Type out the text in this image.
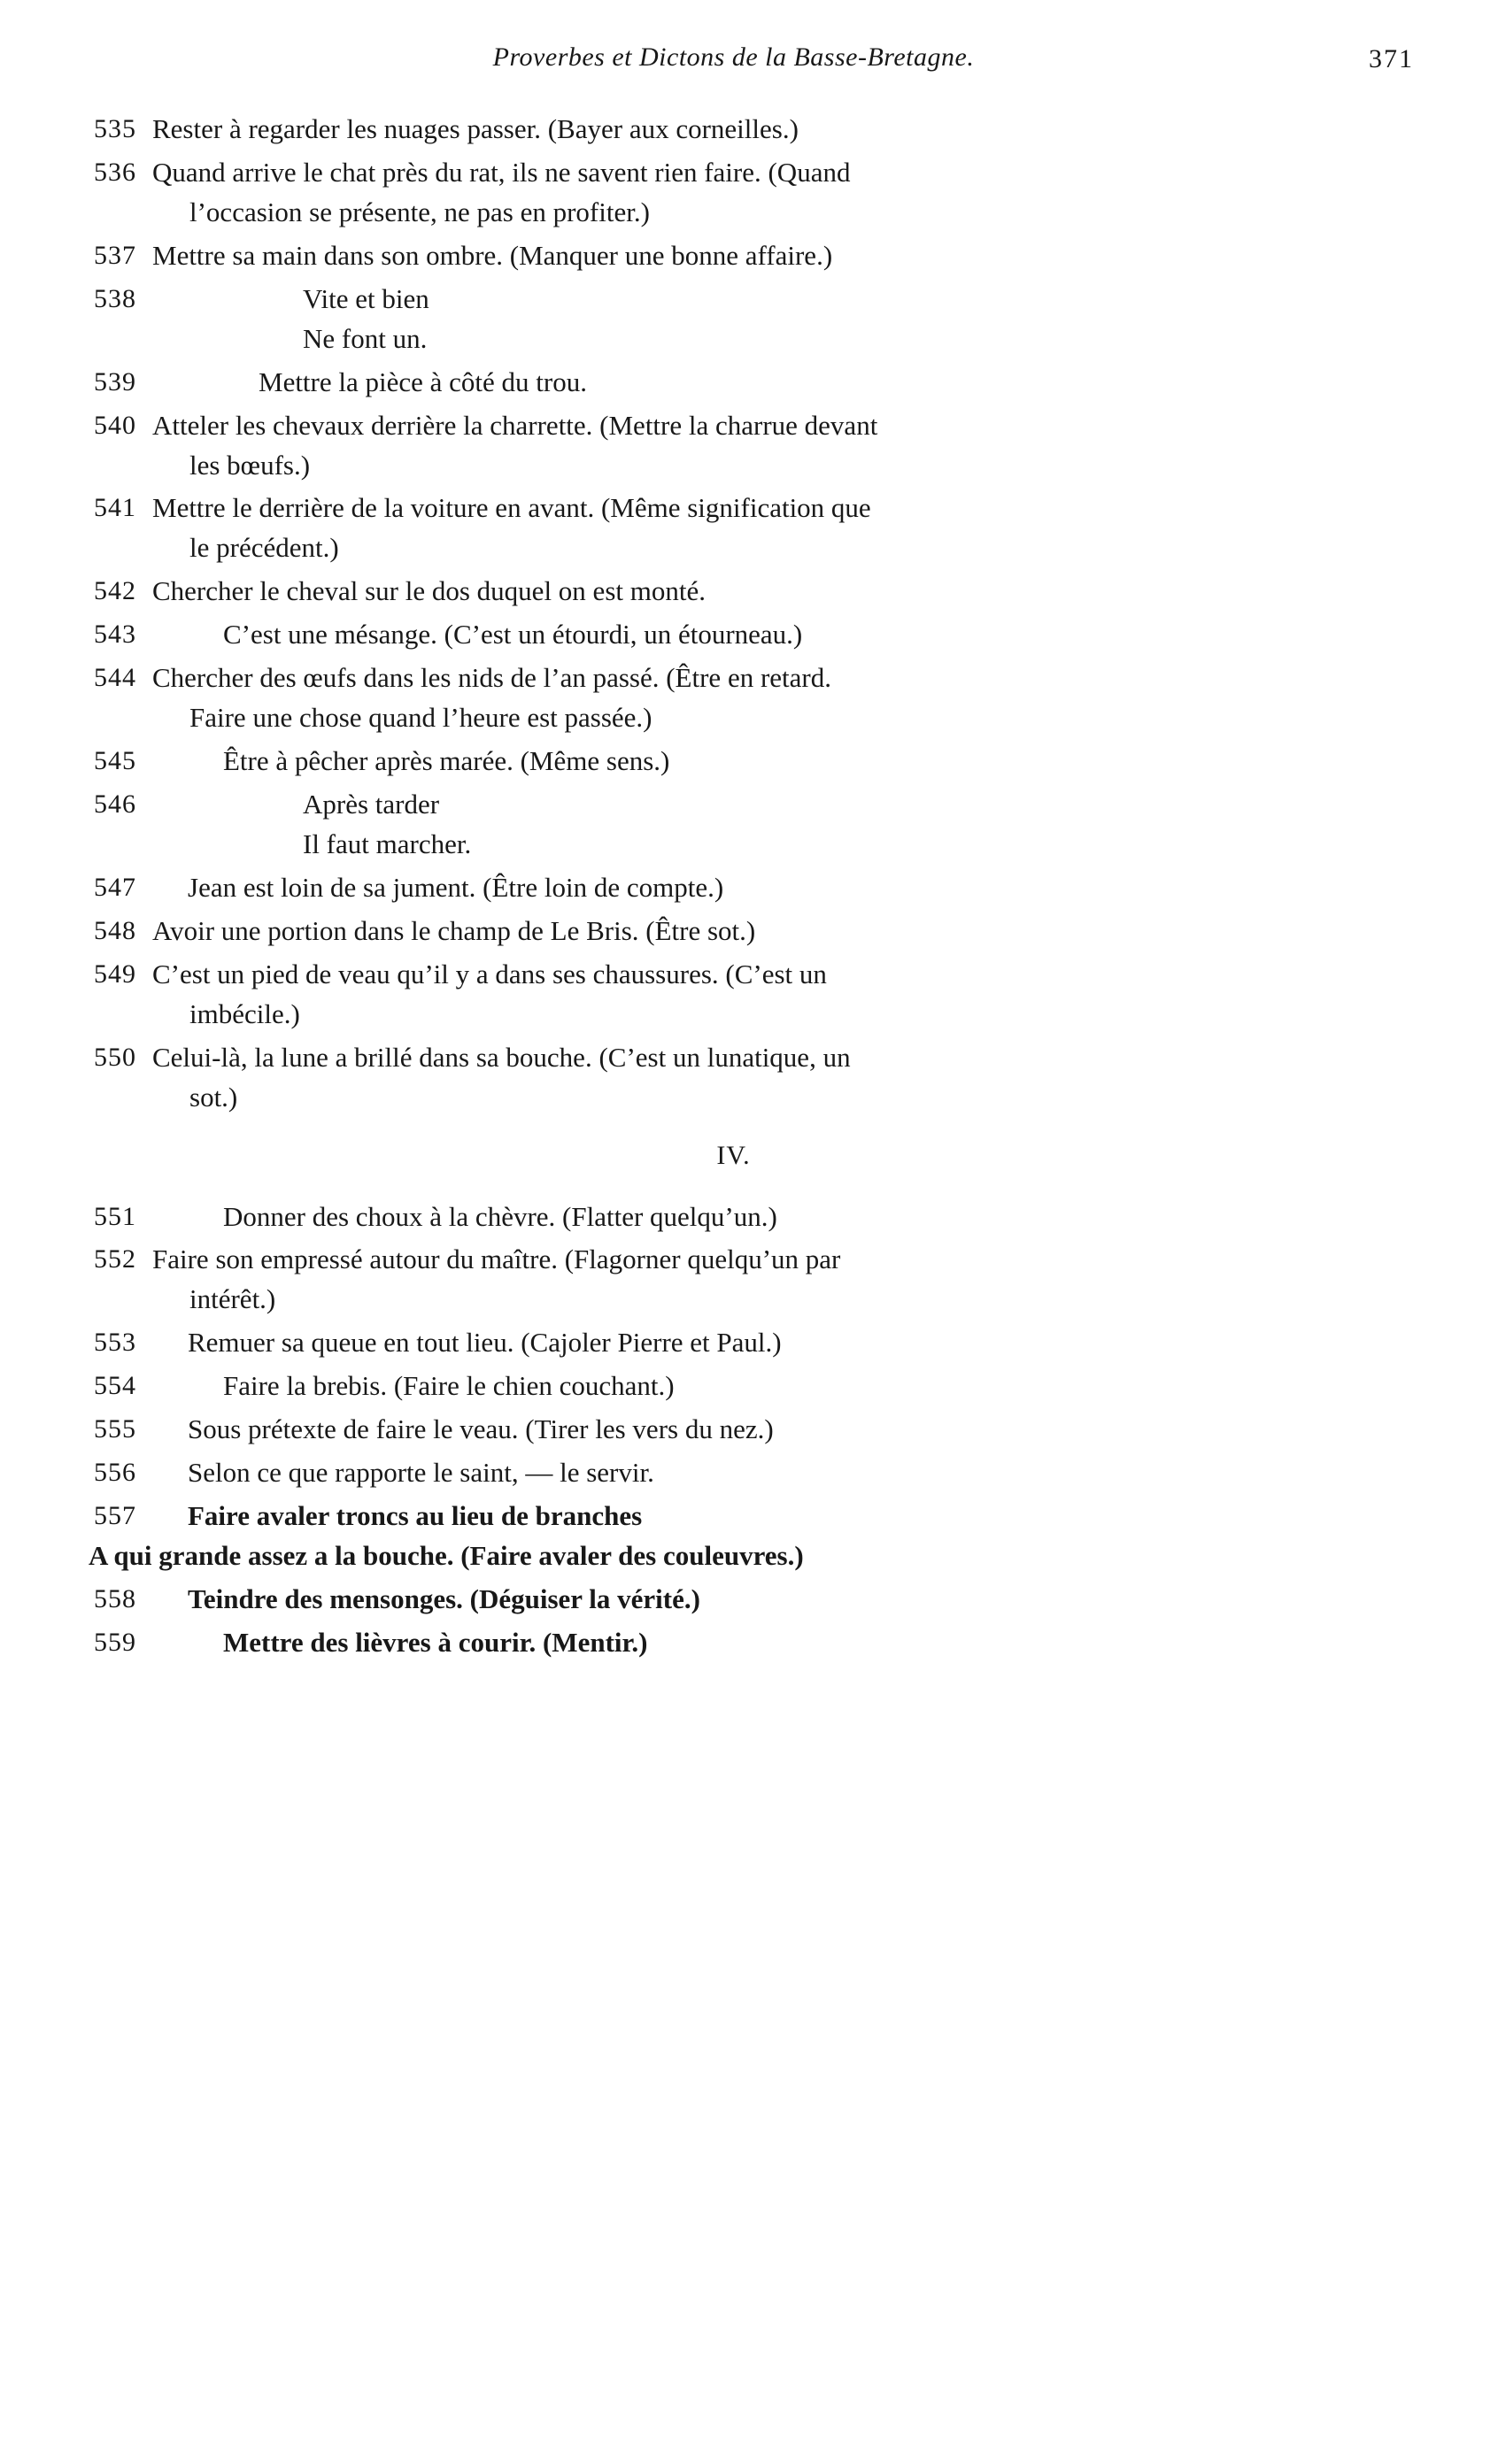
Proverbes et Dictons de la Basse-Bretagne.	371
535 Rester à regarder les nuages passer. (Bayer aux corneilles.)
536 Quand arrive le chat près du rat, ils ne savent rien faire. (Quand
l’occasion se présente, ne pas en profiter.)
537 Mettre sa main dans son ombre. (Manquer une bonne affaire.)
538	Vite et bien
Ne font un.
539	Mettre la pièce à côté du trou.
540 Atteler les chevaux derrière la charrette. (Mettre la charrue devant
les bœufs.)
541 Mettre le derrière de la voiture en avant. (Même signification que
le précédent.)
542 Chercher le cheval sur le dos duquel on est monté.
543	C’est une mésange. (C’est un étourdi, un étourneau.)
544 Chercher des œufs dans les nids de l’an passé. (Être en retard.
Faire une chose quand l’heure est passée.)
545	Être à pêcher après marée. (Même sens.)
546	Après tarder
Il faut marcher.
547	Jean est loin de sa jument. (Être loin de compte.)
548 Avoir une portion dans le champ de Le Bris. (Être sot.)
549 C’est un pied de veau qu’il y a dans ses chaussures. (C’est un
imbécile.)
550 Celui-là, la lune a brillé dans sa bouche. (C’est un lunatique, un
sot.)
IV.
551	Donner des choux à la chèvre. (Flatter quelqu’un.)
552 Faire son empressé autour du maître. (Flagorner quelqu’un par
intérêt.)
553	Remuer sa queue en tout lieu. (Cajoler Pierre et Paul.)
554	Faire la brebis. (Faire le chien couchant.)
555	Sous prétexte de faire le veau. (Tirer les vers du nez.)
556	Selon ce que rapporte le saint, — le servir.
557	Faire avaler troncs au lieu de branches
A qui grande assez a la bouche. (Faire avaler des couleuvres.)
558	Teindre des mensonges. (Déguiser la vérité.)
559	Mettre des lièvres à courir. (Mentir.)
